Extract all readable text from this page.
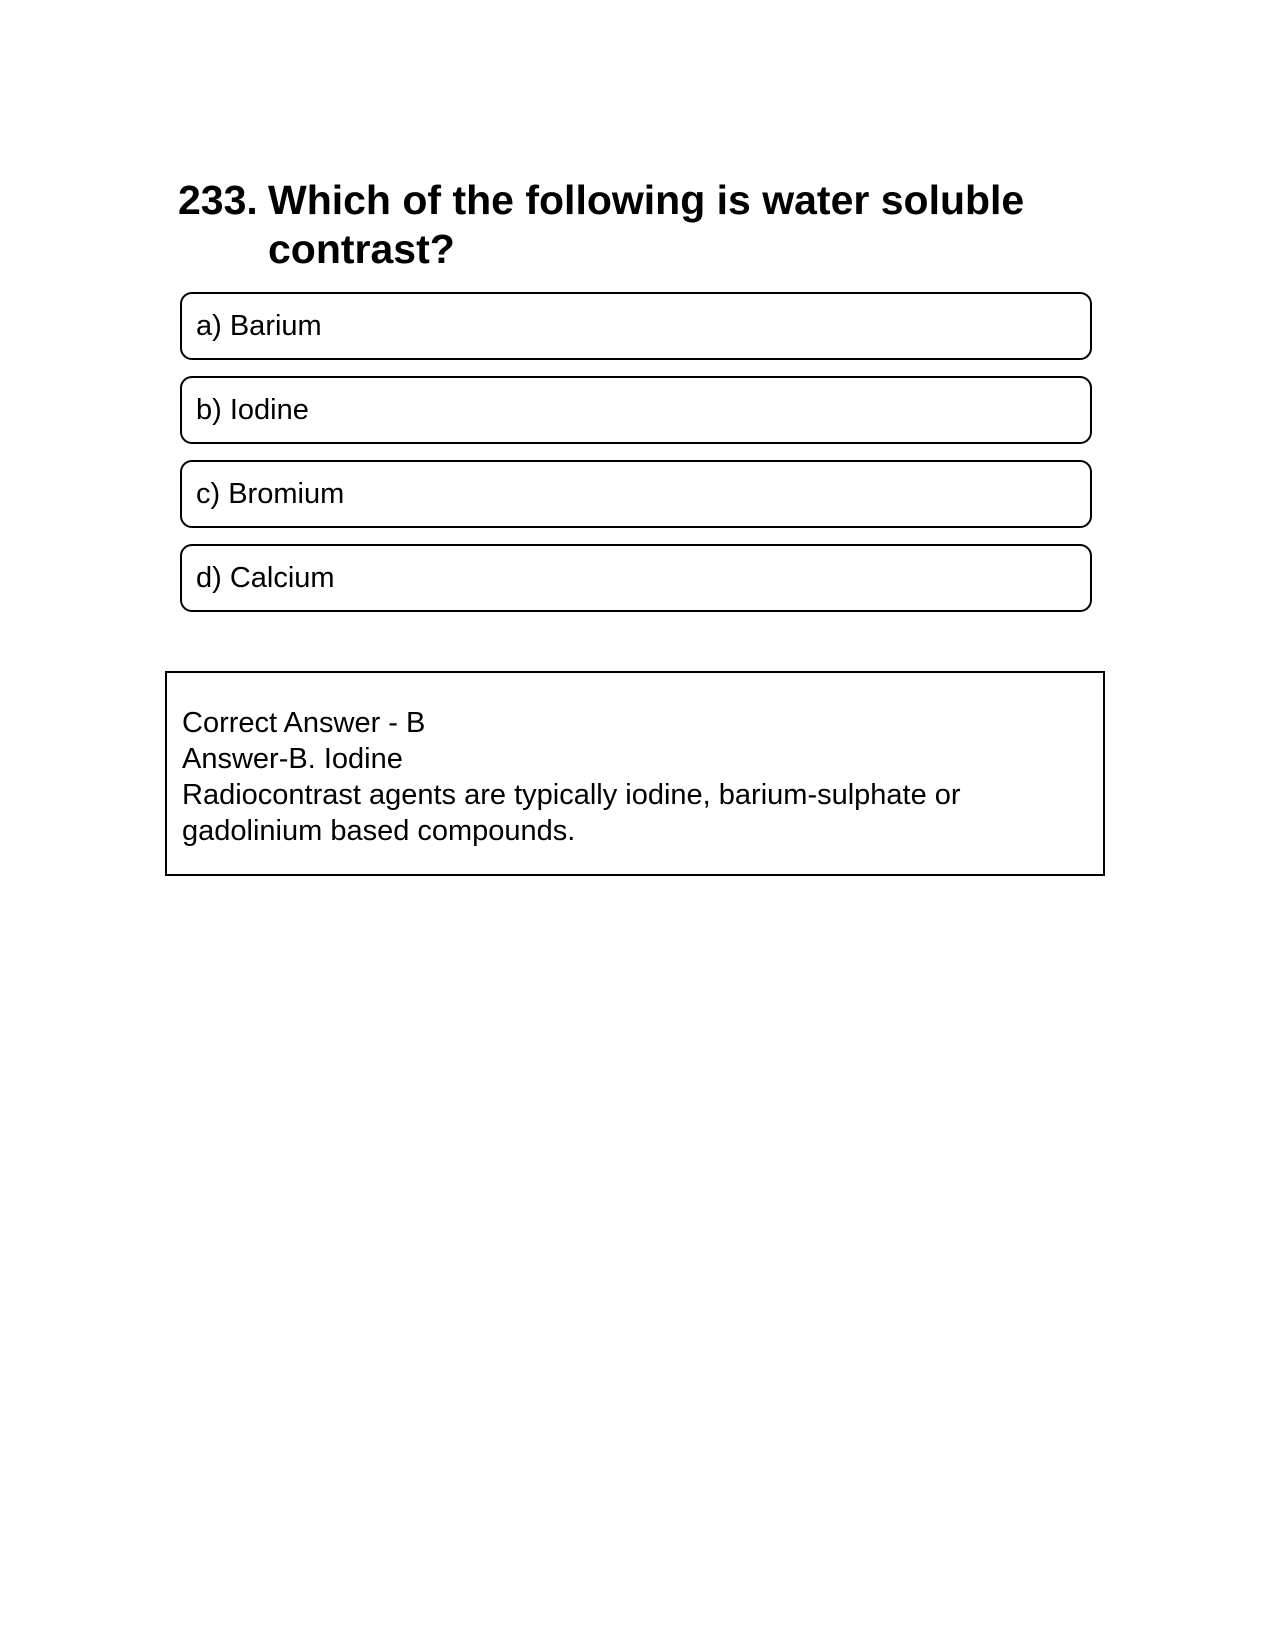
233. Which of the following is water soluble contrast?
a) Barium
b) Iodine
c) Bromium
d) Calcium
Correct Answer - B
Answer-B. Iodine
Radiocontrast agents are typically iodine, barium-sulphate or gadolinium based compounds.
